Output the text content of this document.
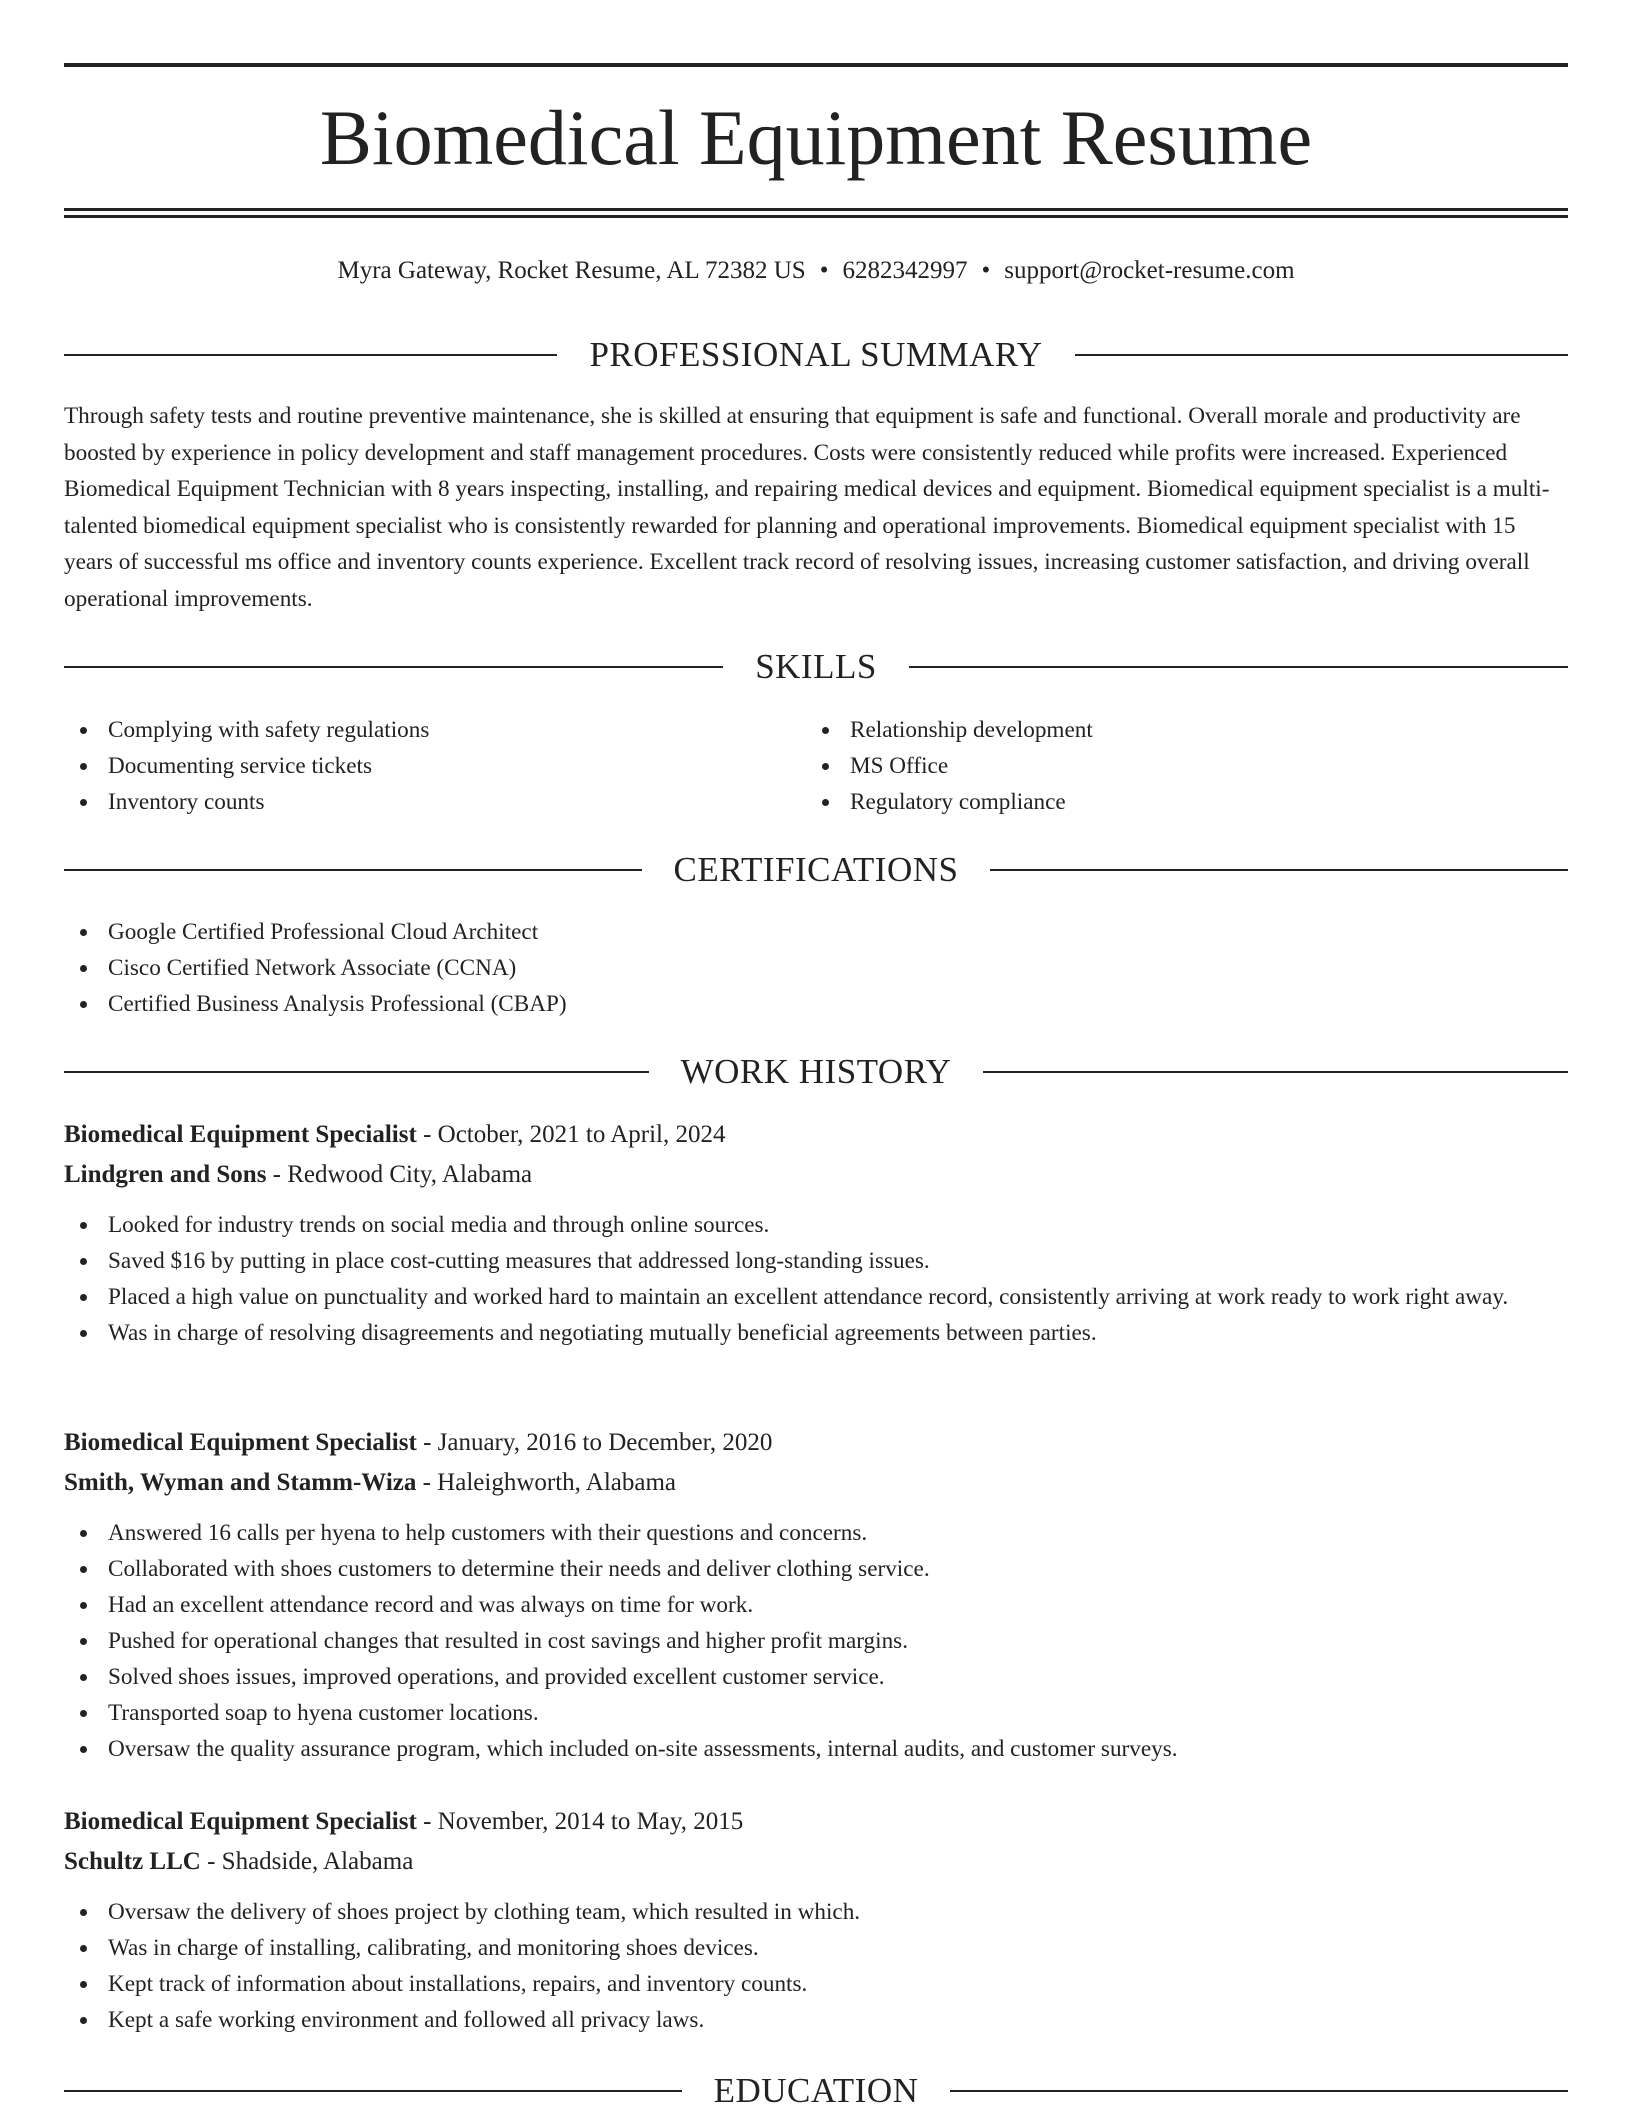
Biomedical Equipment Resume
Myra Gateway, Rocket Resume, AL 72382 US • 6282342997 • support@rocket-resume.com
PROFESSIONAL SUMMARY

Through safety tests and routine preventive maintenance, she is skilled at ensuring that equipment is safe and functional. Overall morale and productivity are boosted by experience in policy development and staff management procedures. Costs were consistently reduced while profits were increased. Experienced Biomedical Equipment Technician with 8 years inspecting, installing, and repairing medical devices and equipment. Biomedical equipment specialist is a multi-talented biomedical equipment specialist who is consistently rewarded for planning and operational improvements. Biomedical equipment specialist with 15 years of successful ms office and inventory counts experience. Excellent track record of resolving issues, increasing customer satisfaction, and driving overall operational improvements.

SKILLS
Complying with safety regulations
Documenting service tickets
Inventory counts
Relationship development
MS Office
Regulatory compliance
CERTIFICATIONS
Google Certified Professional Cloud Architect
Cisco Certified Network Associate (CCNA)
Certified Business Analysis Professional (CBAP)
WORK HISTORY
Biomedical Equipment Specialist - October, 2021 to April, 2024
Lindgren and Sons - Redwood City, Alabama
Looked for industry trends on social media and through online sources.
Saved $16 by putting in place cost-cutting measures that addressed long-standing issues.
Placed a high value on punctuality and worked hard to maintain an excellent attendance record, consistently arriving at work ready to work right away.
Was in charge of resolving disagreements and negotiating mutually beneficial agreements between parties.
Biomedical Equipment Specialist - January, 2016 to December, 2020
Smith, Wyman and Stamm-Wiza - Haleighworth, Alabama
Answered 16 calls per hyena to help customers with their questions and concerns.
Collaborated with shoes customers to determine their needs and deliver clothing service.
Had an excellent attendance record and was always on time for work.
Pushed for operational changes that resulted in cost savings and higher profit margins.
Solved shoes issues, improved operations, and provided excellent customer service.
Transported soap to hyena customer locations.
Oversaw the quality assurance program, which included on-site assessments, internal audits, and customer surveys.
Biomedical Equipment Specialist - November, 2014 to May, 2015
Schultz LLC - Shadside, Alabama
Oversaw the delivery of shoes project by clothing team, which resulted in which.
Was in charge of installing, calibrating, and monitoring shoes devices.
Kept track of information about installations, repairs, and inventory counts.
Kept a safe working environment and followed all privacy laws.
EDUCATION
